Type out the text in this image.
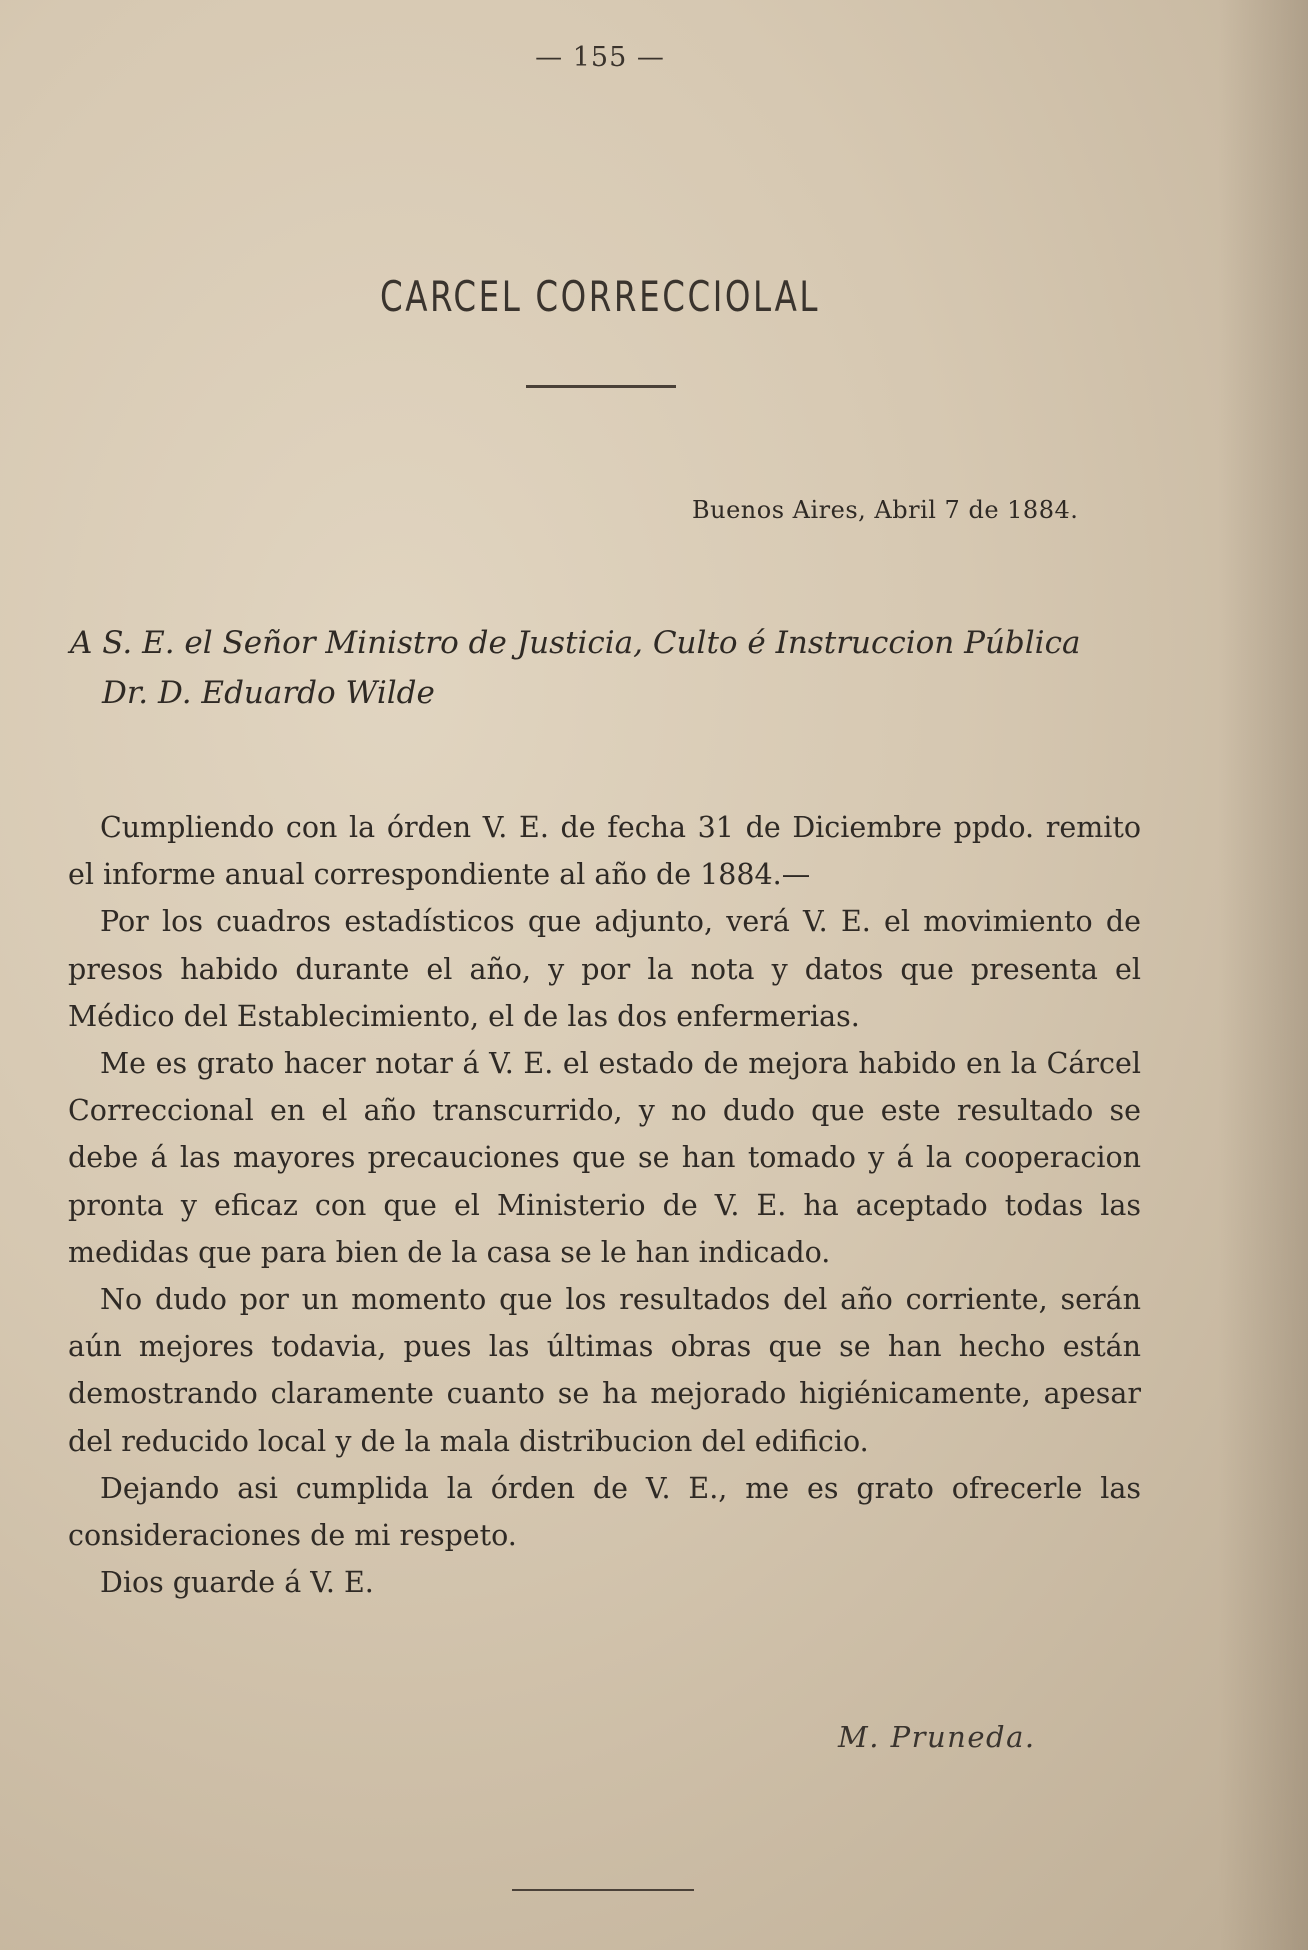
— 155 —
CARCEL CORRECCIOLAL
Buenos Aires, Abril 7 de 1884.
A S. E. el Señor Ministro de Justicia, Culto é Instruccion Pública
Dr. D. Eduardo Wilde

Cumpliendo con la órden V. E. de fecha 31 de Diciembre ppdo. remito el informe anual correspondiente al año de 1884.—

Por los cuadros estadísticos que adjunto, verá V. E. el movimiento de presos habido durante el año, y por la nota y datos que presenta el Médico del Establecimiento, el de las dos enfermerias.

Me es grato hacer notar á V. E. el estado de mejora habido en la Cárcel Correccional en el año transcurrido, y no dudo que este resultado se debe á las mayores precauciones que se han tomado y á la cooperacion pronta y eficaz con que el Ministerio de V. E. ha aceptado todas las medidas que para bien de la casa se le han indicado.

No dudo por un momento que los resultados del año corriente, serán aún mejores todavia, pues las últimas obras que se han hecho están demostrando claramente cuanto se ha mejorado higiénicamente, apesar del reducido local y de la mala distribucion del edificio.

Dejando asi cumplida la órden de V. E., me es grato ofrecerle las consideraciones de mi respeto.

Dios guarde á V. E.

M. Pruneda.
